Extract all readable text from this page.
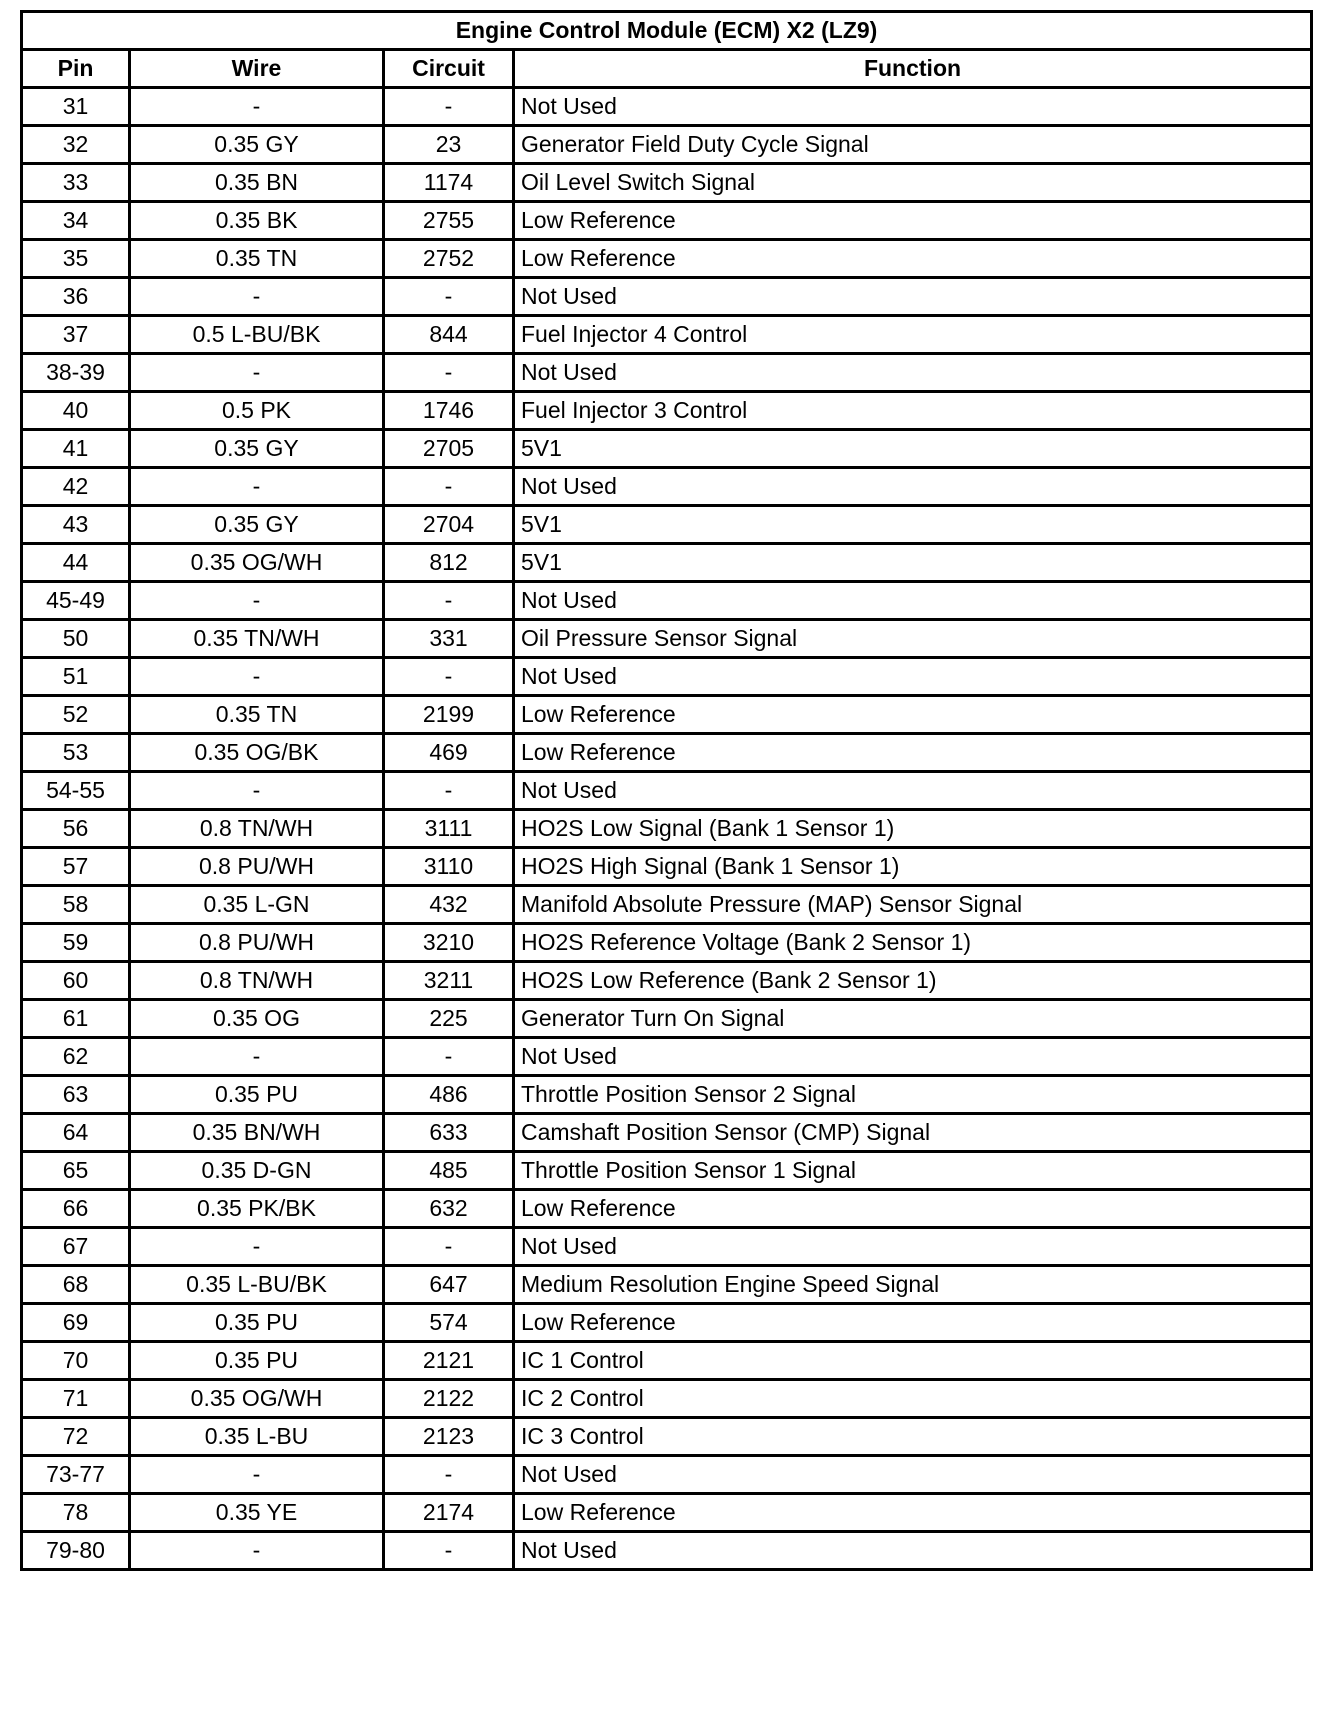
Engine Control Module (ECM) X2 (LZ9)			
Pin	Wire	Circuit	Function
31	-	-	Not Used
32	0.35 GY	23	Generator Field Duty Cycle Signal
33	0.35 BN	1174	Oil Level Switch Signal
34	0.35 BK	2755	Low Reference
35	0.35 TN	2752	Low Reference
36	-	-	Not Used
37	0.5 L-BU/BK	844	Fuel Injector 4 Control
38-39	-	-	Not Used
40	0.5 PK	1746	Fuel Injector 3 Control
41	0.35 GY	2705	5V1
42	-	-	Not Used
43	0.35 GY	2704	5V1
44	0.35 OG/WH	812	5V1
45-49	-	-	Not Used
50	0.35 TN/WH	331	Oil Pressure Sensor Signal
51	-	-	Not Used
52	0.35 TN	2199	Low Reference
53	0.35 OG/BK	469	Low Reference
54-55	-	-	Not Used
56	0.8 TN/WH	3111	HO2S Low Signal (Bank 1 Sensor 1)
57	0.8 PU/WH	3110	HO2S High Signal (Bank 1 Sensor 1)
58	0.35 L-GN	432	Manifold Absolute Pressure (MAP) Sensor Signal
59	0.8 PU/WH	3210	HO2S Reference Voltage (Bank 2 Sensor 1)
60	0.8 TN/WH	3211	HO2S Low Reference (Bank 2 Sensor 1)
61	0.35 OG	225	Generator Turn On Signal
62	-	-	Not Used
63	0.35 PU	486	Throttle Position Sensor 2 Signal
64	0.35 BN/WH	633	Camshaft Position Sensor (CMP) Signal
65	0.35 D-GN	485	Throttle Position Sensor 1 Signal
66	0.35 PK/BK	632	Low Reference
67	-	-	Not Used
68	0.35 L-BU/BK	647	Medium Resolution Engine Speed Signal
69	0.35 PU	574	Low Reference
70	0.35 PU	2121	IC 1 Control
71	0.35 OG/WH	2122	IC 2 Control
72	0.35 L-BU	2123	IC 3 Control
73-77	-	-	Not Used
78	0.35 YE	2174	Low Reference
79-80	-	-	Not Used
